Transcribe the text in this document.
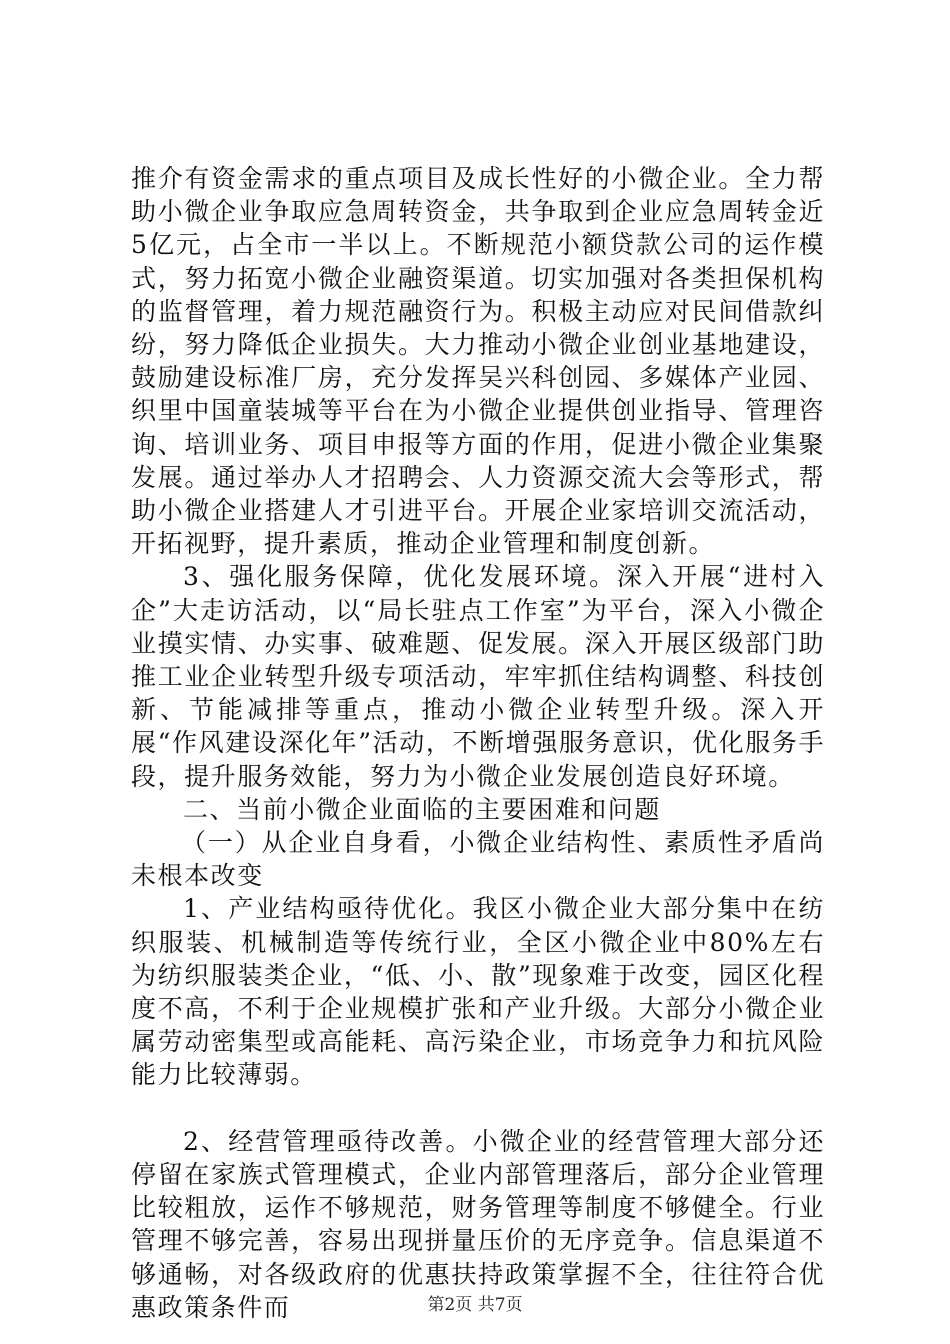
推介有资金需求的重点项目及成长性好的小微企业。全力帮助小微企业争取应急周转资金，共争取到企业应急周转金近5亿元，占全市一半以上。不断规范小额贷款公司的运作模式，努力拓宽小微企业融资渠道。切实加强对各类担保机构的监督管理，着力规范融资行为。积极主动应对民间借款纠纷，努力降低企业损失。大力推动小微企业创业基地建设，鼓励建设标准厂房，充分发挥吴兴科创园、多媒体产业园、织里中国童装城等平台在为小微企业提供创业指导、管理咨询、培训业务、项目申报等方面的作用，促进小微企业集聚发展。通过举办人才招聘会、人力资源交流大会等形式，帮助小微企业搭建人才引进平台。开展企业家培训交流活动，开拓视野，提升素质，推动企业管理和制度创新。

3、强化服务保障，优化发展环境。深入开展“进村入企”大走访活动，以“局长驻点工作室”为平台，深入小微企业摸实情、办实事、破难题、促发展。深入开展区级部门助推工业企业转型升级专项活动，牢牢抓住结构调整、科技创新、节能减排等重点，推动小微企业转型升级。深入开展“作风建设深化年”活动，不断增强服务意识，优化服务手段，提升服务效能，努力为小微企业发展创造良好环境。

二、当前小微企业面临的主要困难和问题

（一）从企业自身看，小微企业结构性、素质性矛盾尚未根本改变

1、产业结构亟待优化。我区小微企业大部分集中在纺织服装、机械制造等传统行业，全区小微企业中80%左右为纺织服装类企业，“低、小、散”现象难于改变，园区化程度不高，不利于企业规模扩张和产业升级。大部分小微企业属劳动密集型或高能耗、高污染企业，市场竞争力和抗风险能力比较薄弱。

2、经营管理亟待改善。小微企业的经营管理大部分还停留在家族式管理模式，企业内部管理落后，部分企业管理比较粗放，运作不够规范，财务管理等制度不够健全。行业管理不够完善，容易出现拼量压价的无序竞争。信息渠道不够通畅，对各级政府的优惠扶持政策掌握不全，往往符合优惠政策条件而	第2页 共7页
